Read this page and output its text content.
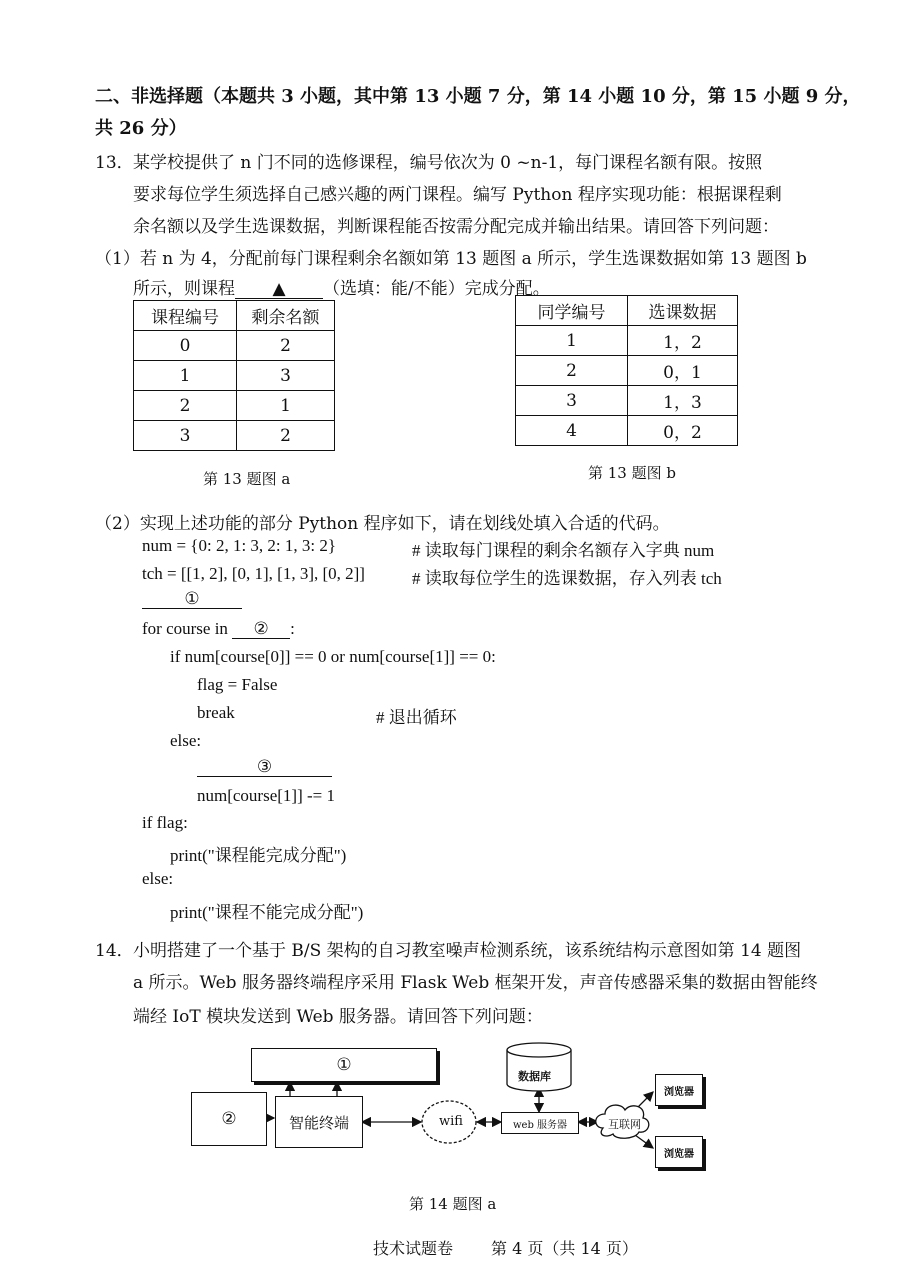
二、非选择题（本题共 3 小题，其中第 13 小题 7 分，第 14 小题 10 分，第 15 小题 9 分，
共 26 分）
13． 某学校提供了 n 门不同的选修课程，编号依次为 0 ~n-1，每门课程名额有限。按照
要求每位学生须选择自己感兴趣的两门课程。编写 Python 程序实现功能：根据课程剩
余名额以及学生选课数据，判断课程能否按需分配完成并输出结果。请回答下列问题：
（1）若 n 为 4，分配前每门课程剩余名额如第 13 题图 a 所示，学生选课数据如第 13 题图 b
所示，则课程 ▲ （选填：能/不能）完成分配。
课程编号	剩余名额
0	2
1	3
2	1
3	2
第 13 题图 a
同学编号	选课数据
1	1，2
2	0，1
3	1，3
4	0，2
第 13 题图 b
（2）实现上述功能的部分 Python 程序如下，请在划线处填入合适的代码。
num = {0: 2, 1: 3, 2: 1, 3: 2}	# 读取每门课程的剩余名额存入字典 num
tch = [[1, 2], [0, 1], [1, 3], [0, 2]]	# 读取每位学生的选课数据，存入列表 tch
①
for course in ② :
if num[course[0]] == 0 or num[course[1]] == 0:
flag = False
break	# 退出循环
else:
③
num[course[1]] -= 1
if flag:
print("课程能完成分配")
else:
print("课程不能完成分配")
14． 小明搭建了一个基于 B/S 架构的自习教室噪声检测系统，该系统结构示意图如第 14 题图
a 所示。Web 服务器终端程序采用 Flask Web 框架开发，声音传感器采集的数据由智能终
端经 IoT 模块发送到 Web 服务器。请回答下列问题：
①
②	智能终端	wifi
数据库
web 服务器	互联网
浏览器
浏览器
第 14 题图 a
技术试题卷 第 4 页（共 14 页）
